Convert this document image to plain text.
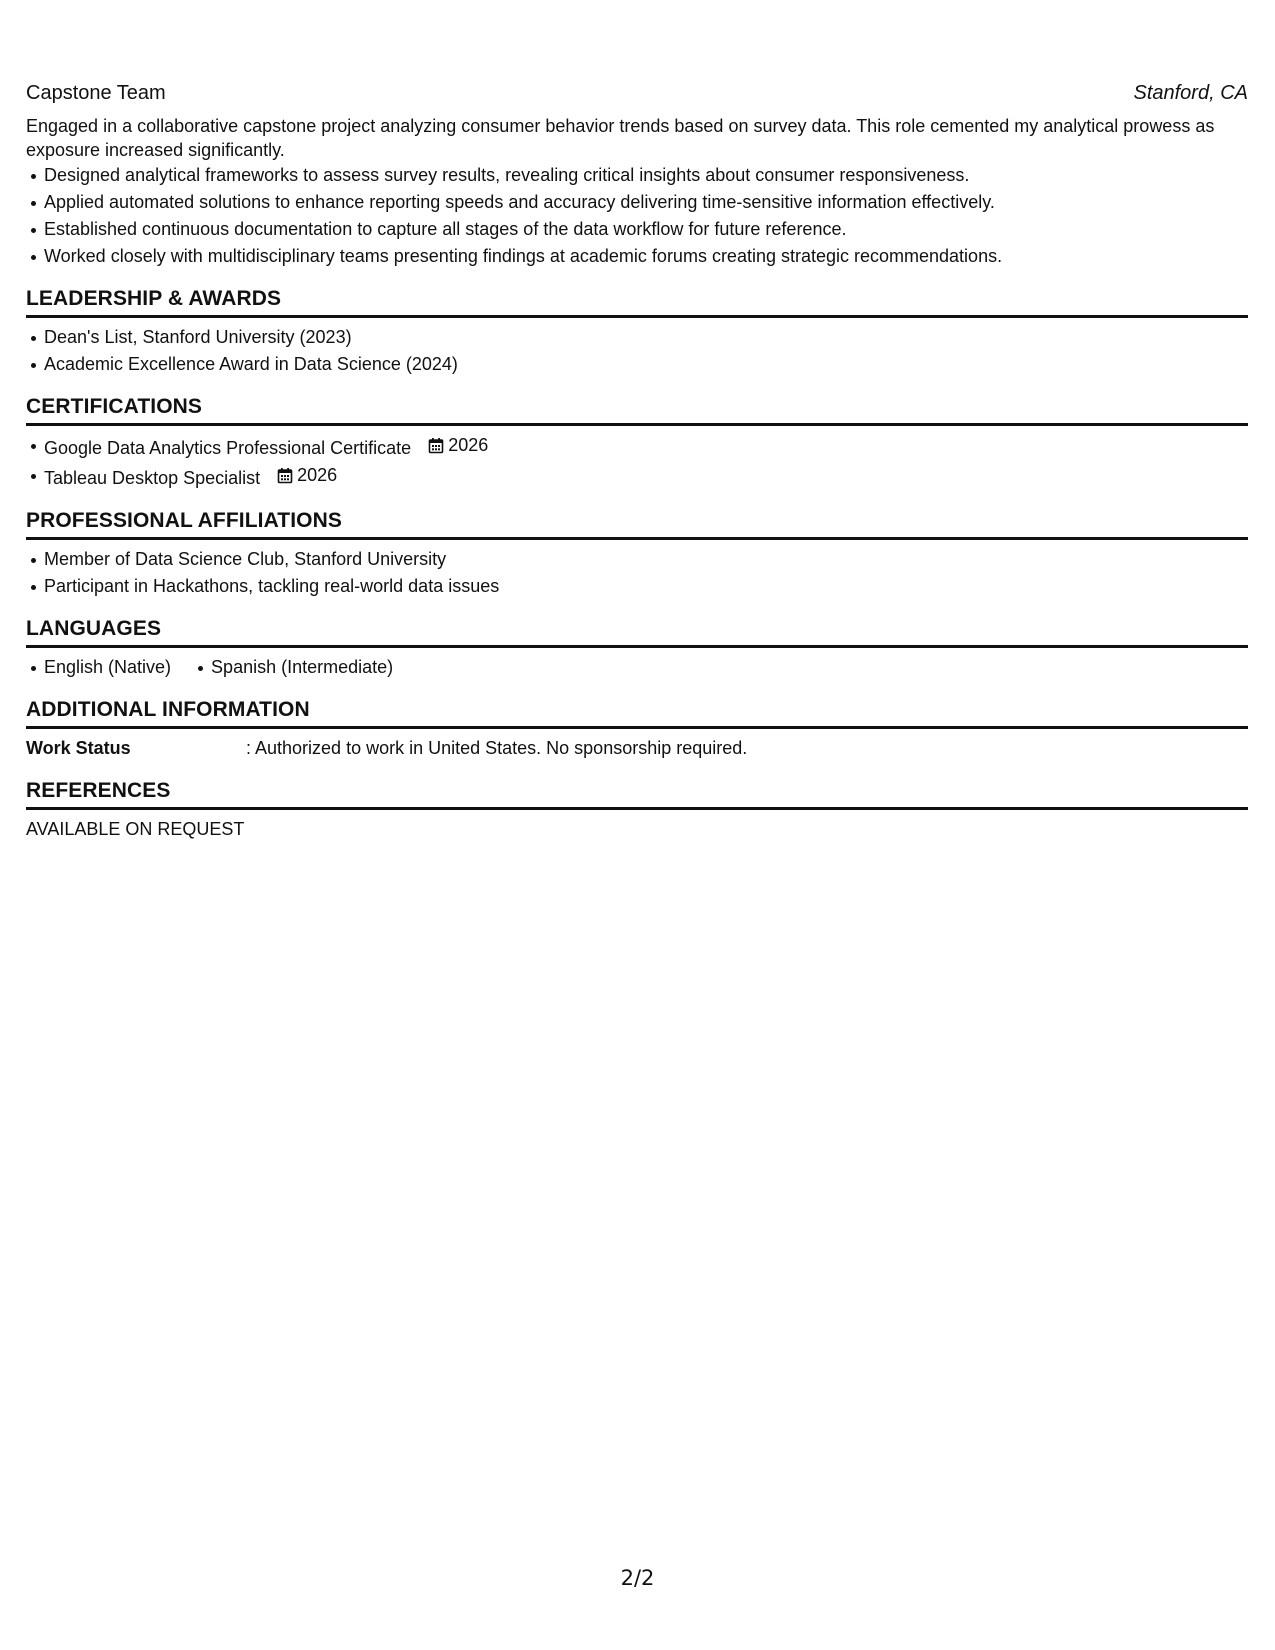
Capstone Team	Stanford, CA
Engaged in a collaborative capstone project analyzing consumer behavior trends based on survey data. This role cemented my analytical prowess as exposure increased significantly.
Designed analytical frameworks to assess survey results, revealing critical insights about consumer responsiveness.
Applied automated solutions to enhance reporting speeds and accuracy delivering time-sensitive information effectively.
Established continuous documentation to capture all stages of the data workflow for future reference.
Worked closely with multidisciplinary teams presenting findings at academic forums creating strategic recommendations.
LEADERSHIP & AWARDS
Dean's List, Stanford University (2023)
Academic Excellence Award in Data Science (2024)
CERTIFICATIONS
Google Data Analytics Professional Certificate 2026
Tableau Desktop Specialist 2026
PROFESSIONAL AFFILIATIONS
Member of Data Science Club, Stanford University
Participant in Hackathons, tackling real-world data issues
LANGUAGES
English (Native) Spanish (Intermediate)
ADDITIONAL INFORMATION
Work Status	: Authorized to work in United States. No sponsorship required.
REFERENCES
AVAILABLE ON REQUEST
2/2
